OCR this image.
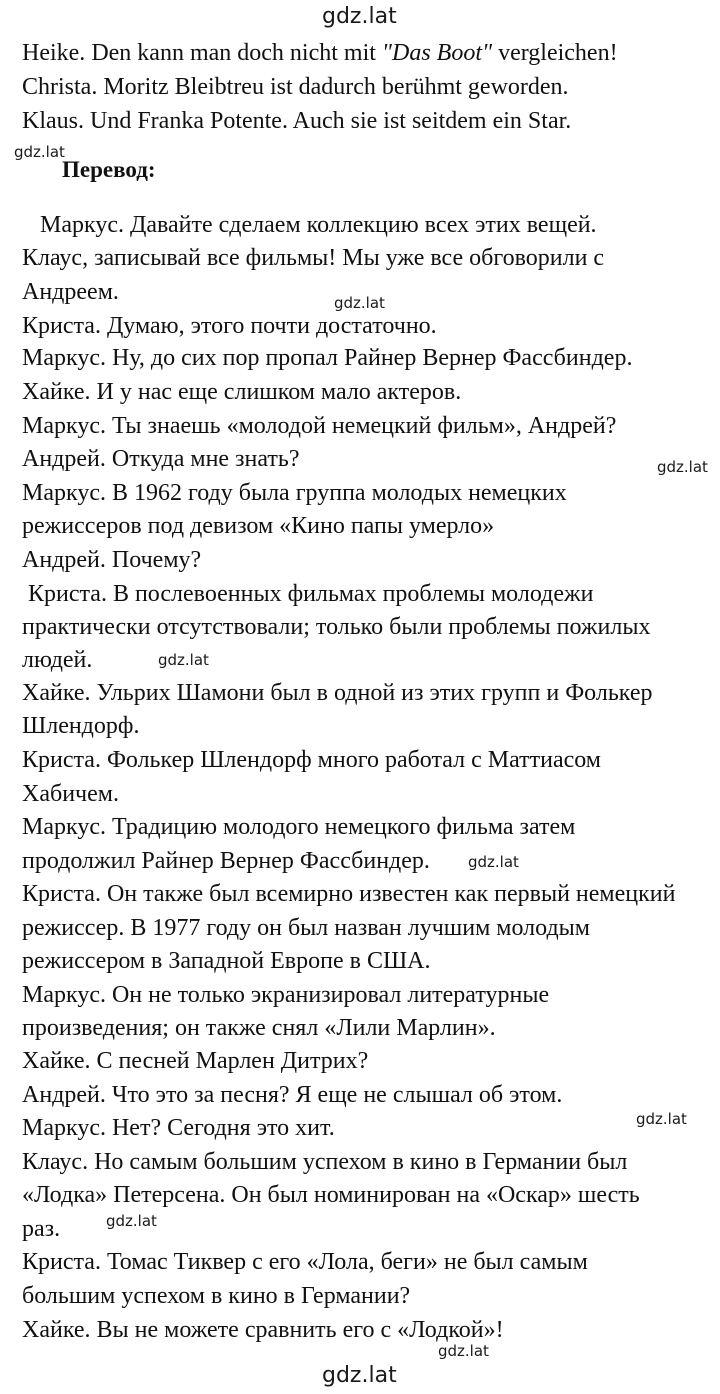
gdz.lat
gdz.lat
gdz.lat
gdz.lat
gdz.lat
gdz.lat
gdz.lat
gdz.lat
gdz.lat
gdz.lat
Heike. Den kann man doch nicht mit "Das Boot" vergleichen!
Christa. Moritz Bleibtreu ist dadurch berühmt geworden.
Klaus. Und Franka Potente. Auch sie ist seitdem ein Star.
Перевод:
Маркус. Давайте сделаем коллекцию всех этих вещей.
Клаус, записывай все фильмы! Мы уже все обговорили с
Андреем.
Криста. Думаю, этого почти достаточно.
Маркус. Ну, до сих пор пропал Райнер Вернер Фассбиндер.
Хайке. И у нас еще слишком мало актеров.
Маркус. Ты знаешь «молодой немецкий фильм», Андрей?
Андрей. Откуда мне знать?
Маркус. В 1962 году была группа молодых немецких
режиссеров под девизом «Кино папы умерло»
Андрей. Почему?
Криста. В послевоенных фильмах проблемы молодежи
практически отсутствовали; только были проблемы пожилых
людей.
Хайке. Ульрих Шамони был в одной из этих групп и Фолькер
Шлендорф.
Криста. Фолькер Шлендорф много работал с Маттиасом
Хабичем.
Маркус. Традицию молодого немецкого фильма затем
продолжил Райнер Вернер Фассбиндер.
Криста. Он также был всемирно известен как первый немецкий
режиссер. В 1977 году он был назван лучшим молодым
режиссером в Западной Европе в США.
Маркус. Он не только экранизировал литературные
произведения; он также снял «Лили Марлин».
Хайке. С песней Марлен Дитрих?
Андрей. Что это за песня? Я еще не слышал об этом.
Маркус. Нет? Сегодня это хит.
Клаус. Но самым большим успехом в кино в Германии был
«Лодка» Петерсена. Он был номинирован на «Оскар» шесть
раз.
Криста. Томас Тиквер с его «Лола, беги» не был самым
большим успехом в кино в Германии?
Хайке. Вы не можете сравнить его с «Лодкой»!
